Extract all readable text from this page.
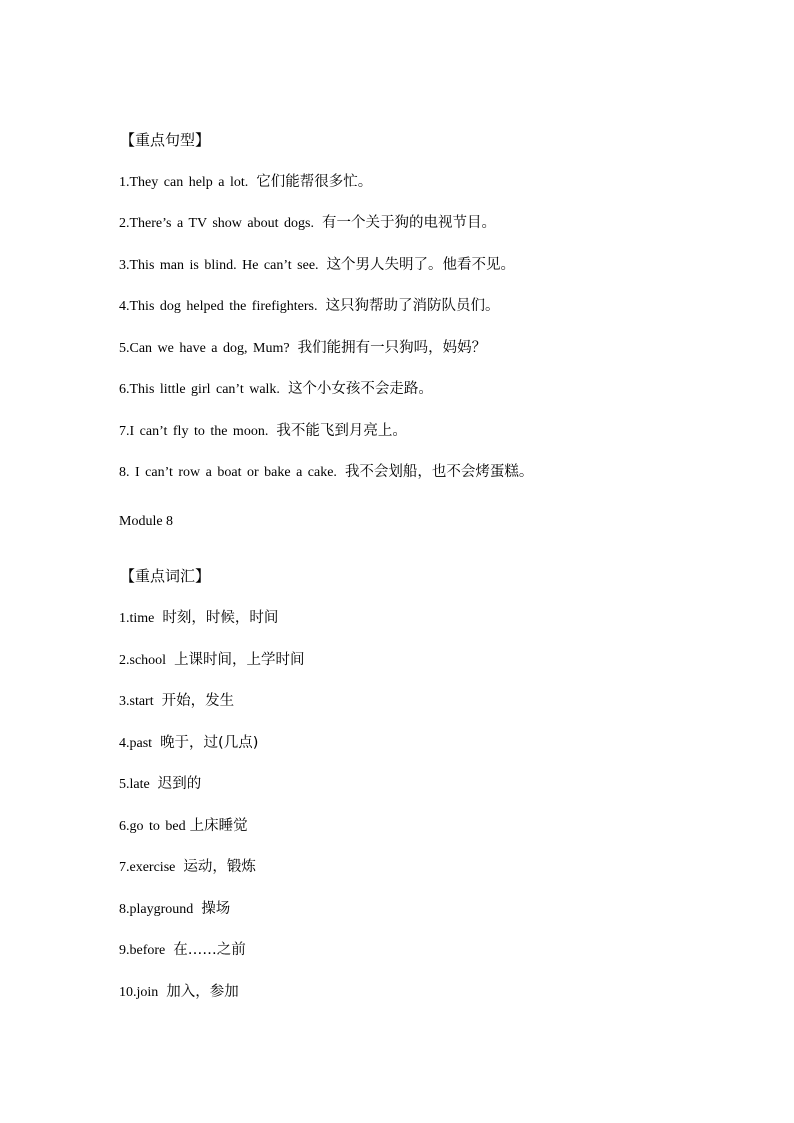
【重点句型】
1.They can help a lot. 它们能帮很多忙。
2.There’s a TV show about dogs. 有一个关于狗的电视节目。
3.This man is blind. He can’t see. 这个男人失明了。他看不见。
4.This dog helped the firefighters. 这只狗帮助了消防队员们。
5.Can we have a dog, Mum? 我们能拥有一只狗吗，妈妈？
6.This little girl can’t walk. 这个小女孩不会走路。
7.I can’t fly to the moon. 我不能飞到月亮上。
8. I can’t row a boat or bake a cake. 我不会划船，也不会烤蛋糕。
Module 8
【重点词汇】
1.time 时刻，时候，时间
2.school 上课时间，上学时间
3.start 开始，发生
4.past 晚于，过(几点)
5.late 迟到的
6.go to bed 上床睡觉
7.exercise 运动，锻炼
8.playground 操场
9.before 在……之前
10.join 加入，参加
